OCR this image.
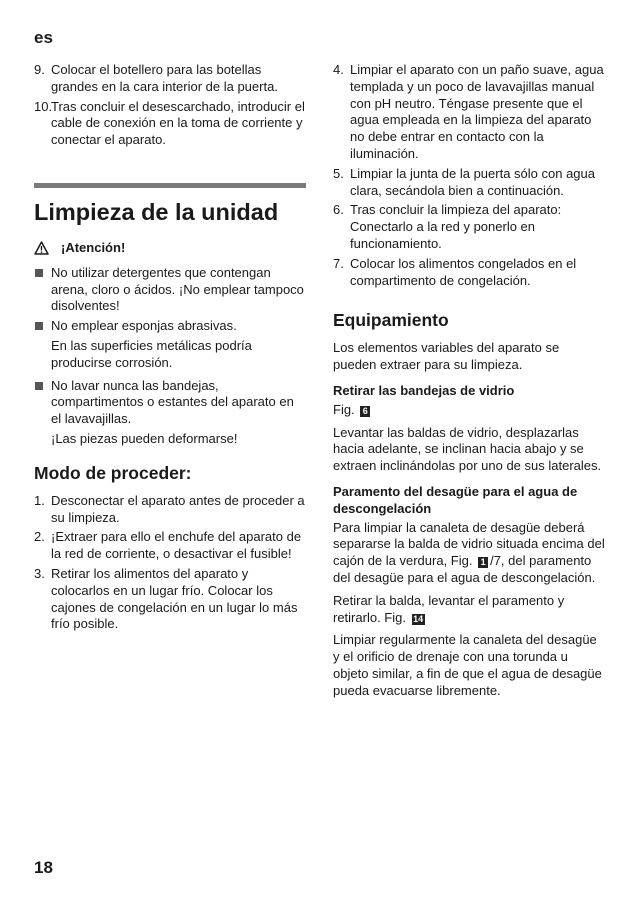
es
9. Colocar el botellero para las botellas grandes en la cara interior de la puerta.
10.
Tras concluir el desescarchado, introducir el cable de conexión en la toma de corriente y conectar el aparato.
Limpieza de la unidad
¡Atención!
No utilizar detergentes que contengan arena, cloro o ácidos. ¡No emplear tampoco disolventes!
No emplear esponjas abrasivas.

En las superficies metálicas podría producirse corrosión.

No lavar nunca las bandejas, compartimentos o estantes del aparato en el lavavajillas.

¡Las piezas pueden deformarse!

Modo de proceder:
1. Desconectar el aparato antes de proceder a su limpieza.
2. ¡Extraer para ello el enchufe del aparato de la red de corriente, o desactivar el fusible!
3. Retirar los alimentos del aparato y colocarlos en un lugar frío. Colocar los cajones de congelación en un lugar lo más frío posible.
4. Limpiar el aparato con un paño suave, agua templada y un poco de lavavajillas manual con pH neutro. Téngase presente que el agua empleada en la limpieza del aparato no debe entrar en contacto con la iluminación.
5. Limpiar la junta de la puerta sólo con agua clara, secándola bien a continuación.
6. Tras concluir la limpieza del aparato: Conectarlo a la red y ponerlo en funcionamiento.
7. Colocar los alimentos congelados en el compartimento de congelación.
Equipamiento

Los elementos variables del aparato se pueden extraer para su limpieza.

Retirar las bandejas de vidrio

Fig. 6

Levantar las baldas de vidrio, desplazarlas hacia adelante, se inclinan hacia abajo y se extraen inclinándolas por uno de sus laterales.

Paramento del desagüe para el agua de descongelación

Para limpiar la canaleta de desagüe deberá separarse la balda de vidrio situada encima del cajón de la verdura, Fig. 1 /7, del paramento del desagüe para el agua de descongelación.

Retirar la balda, levantar el paramento y retirarlo. Fig. 14

Limpiar regularmente la canaleta del desagüe y el orificio de drenaje con una torunda u objeto similar, a fin de que el agua de desagüe pueda evacuarse libremente.

18
